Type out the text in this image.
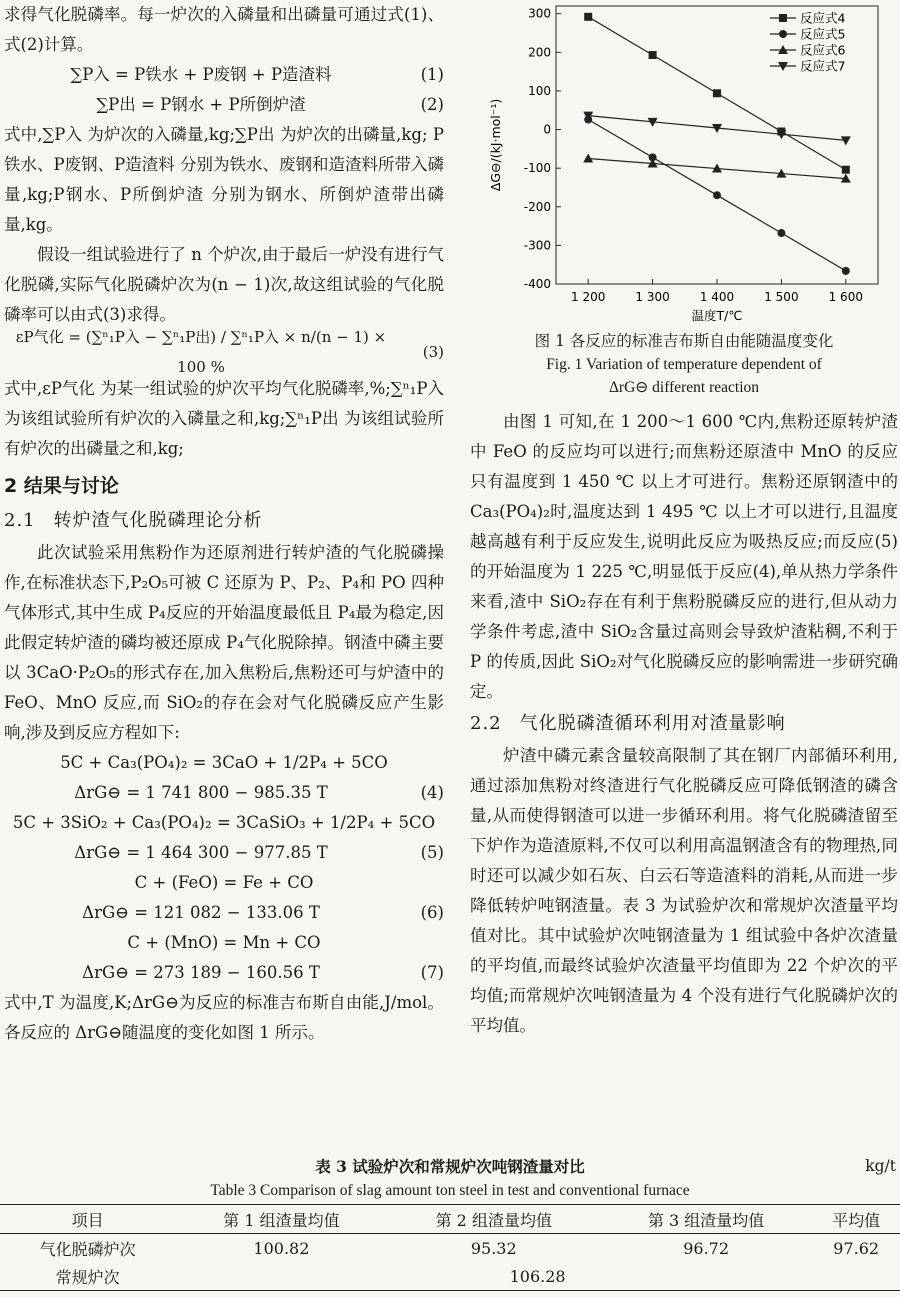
求得气化脱磷率。每一炉次的入磷量和出磷量可通过式(1)、式(2)计算。

∑P入 = P铁水 + P废钢 + P造渣料	(1)
∑P出 = P钢水 + P所倒炉渣	(2)

式中,∑P入 为炉次的入磷量,kg;∑P出 为炉次的出磷量,kg; P铁水、P废钢、P造渣料 分别为铁水、废钢和造渣料所带入磷量,kg;P钢水、P所倒炉渣 分别为钢水、所倒炉渣带出磷量,kg。

假设一组试验进行了 n 个炉次,由于最后一炉没有进行气化脱磷,实际气化脱磷炉次为(n − 1)次,故这组试验的气化脱磷率可以由式(3)求得。

εP气化 = (∑ⁿ₁P入 − ∑ⁿ₁P出) / ∑ⁿ₁P入 × n/(n − 1) × 100 %
(3)

式中,εP气化 为某一组试验的炉次平均气化脱磷率,%;∑ⁿ₁P入 为该组试验所有炉次的入磷量之和,kg;∑ⁿ₁P出 为该组试验所有炉次的出磷量之和,kg;

2 结果与讨论
2.1 转炉渣气化脱磷理论分析

此次试验采用焦粉作为还原剂进行转炉渣的气化脱磷操作,在标准状态下,P₂O₅可被 C 还原为 P、P₂、P₄和 PO 四种气体形式,其中生成 P₄反应的开始温度最低且 P₄最为稳定,因此假定转炉渣的磷均被还原成 P₄气化脱除掉。钢渣中磷主要以 3CaO·P₂O₅的形式存在,加入焦粉后,焦粉还可与炉渣中的 FeO、MnO 反应,而 SiO₂的存在会对气化脱磷反应产生影响,涉及到反应方程如下:

5C + Ca₃(PO₄)₂ = 3CaO + 1/2P₄ + 5CO
ΔrG⊖ = 1 741 800 − 985.35 T	(4)
5C + 3SiO₂ + Ca₃(PO₄)₂ = 3CaSiO₃ + 1/2P₄ + 5CO
ΔrG⊖ = 1 464 300 − 977.85 T	(5)
C + (FeO) = Fe + CO
ΔrG⊖ = 121 082 − 133.06 T	(6)
C + (MnO) = Mn + CO
ΔrG⊖ = 273 189 − 160.56 T	(7)

式中,T 为温度,K;ΔrG⊖为反应的标准吉布斯自由能,J/mol。各反应的 ΔrG⊖随温度的变化如图 1 所示。

300
200
100
0
-100
-200
-300
-400
1 200	1 300	1 400	1 500	1 600
温度T/℃
ΔG⊖/(kJ·mol⁻¹)
反应式4
反应式5
反应式6
反应式7
图 1 各反应的标准吉布斯自由能随温度变化
Fig. 1 Variation of temperature dependent of
ΔrG⊖ different reaction

由图 1 可知,在 1 200～1 600 ℃内,焦粉还原转炉渣中 FeO 的反应均可以进行;而焦粉还原渣中 MnO 的反应只有温度到 1 450 ℃ 以上才可进行。焦粉还原钢渣中的 Ca₃(PO₄)₂时,温度达到 1 495 ℃ 以上才可以进行,且温度越高越有利于反应发生,说明此反应为吸热反应;而反应(5)的开始温度为 1 225 ℃,明显低于反应(4),单从热力学条件来看,渣中 SiO₂存在有利于焦粉脱磷反应的进行,但从动力学条件考虑,渣中 SiO₂含量过高则会导致炉渣粘稠,不利于 P 的传质,因此 SiO₂对气化脱磷反应的影响需进一步研究确定。

2.2 气化脱磷渣循环利用对渣量影响

炉渣中磷元素含量较高限制了其在钢厂内部循环利用,通过添加焦粉对终渣进行气化脱磷反应可降低钢渣的磷含量,从而使得钢渣可以进一步循环利用。将气化脱磷渣留至下炉作为造渣原料,不仅可以利用高温钢渣含有的物理热,同时还可以减少如石灰、白云石等造渣料的消耗,从而进一步降低转炉吨钢渣量。表 3 为试验炉次和常规炉次渣量平均值对比。其中试验炉次吨钢渣量为 1 组试验中各炉次渣量的平均值,而最终试验炉次渣量平均值即为 22 个炉次的平均值;而常规炉次吨钢渣量为 4 个没有进行气化脱磷炉次的平均值。

表 3 试验炉次和常规炉次吨钢渣量对比	kg/t
Table 3 Comparison of slag amount ton steel in test and conventional furnace
项目	第 1 组渣量均值	第 2 组渣量均值	第 3 组渣量均值	平均值
气化脱磷炉次	100.82	95.32	96.72	97.62
常规炉次	106.28			
